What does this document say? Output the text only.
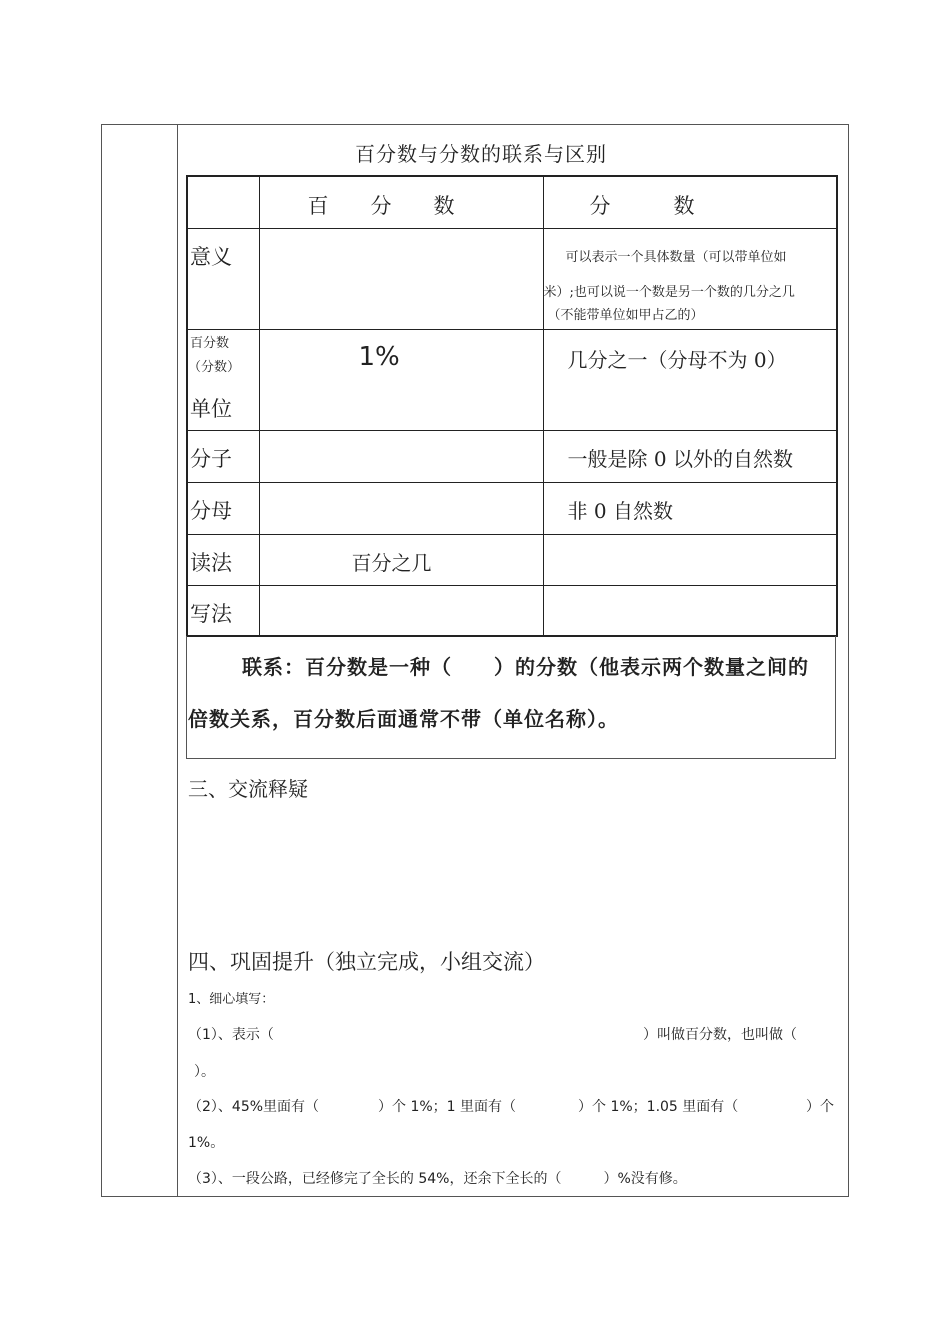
百分数与分数的联系与区别

	百　　分　　数	分　　　数

意义		可以表示一个具体数量（可以带单位如
米）;也可以说一个数是另一个数的几分之几
（不能带单位如甲占乙的）

百分数
（分数）
单位	1%	几分之一（分母不为 0）

分子		一般是除 0 以外的自然数

分母		非 0 自然数

读法	百分之几	

写法		

联系：百分数是一种（　　）的分数（他表示两个数量之间的
倍数关系，百分数后面通常不带（单位名称）。
三、交流释疑
四、巩固提升（独立完成，小组交流）
1、细心填写：
（1）、表示（	）叫做百分数，也叫做（
）。
（2）、45%里面有（	）个 1%；1 里面有（	）个 1%；1.05 里面有（	）个
1%。
（3）、一段公路，已经修完了全长的 54%，还余下全长的（　　　）%没有修。
